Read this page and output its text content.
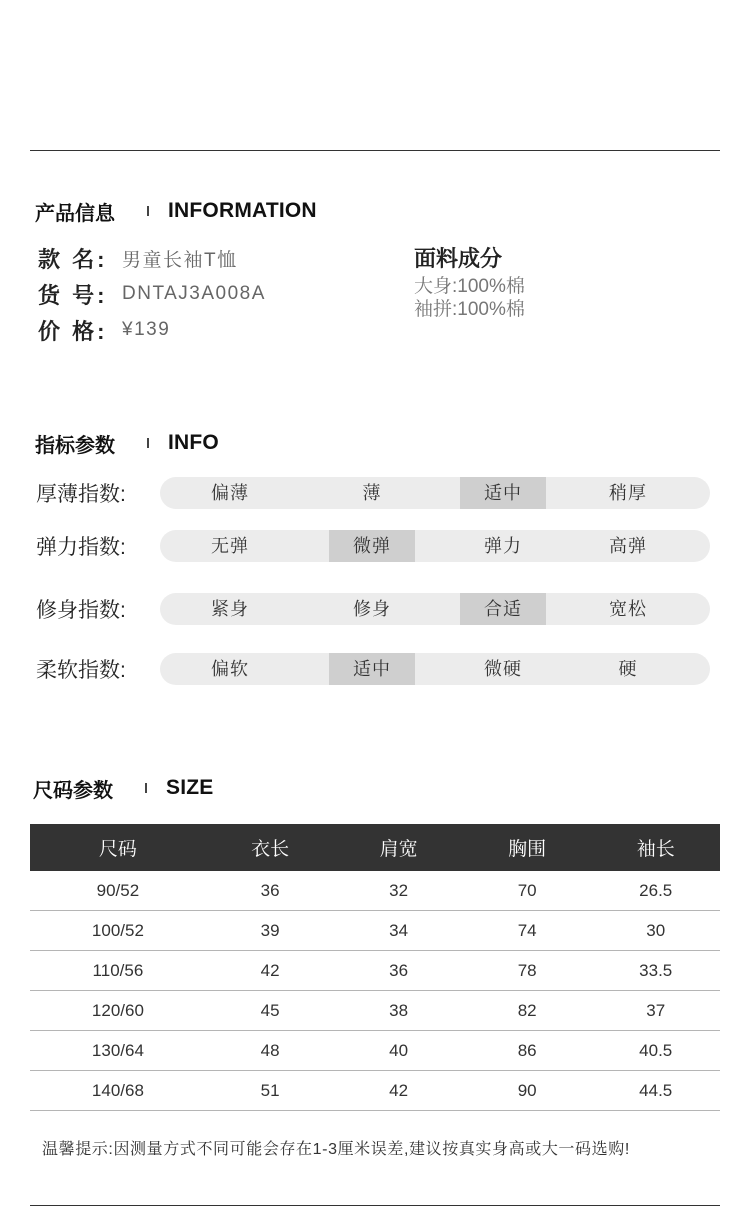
产品信息	INFORMATION
款 名: 男童长袖T恤
货 号: DNTAJ3A008A
价 格: ¥139
面料成分
大身:100%棉
袖拼:100%棉
指标参数	INFO
厚薄指数:	偏薄	薄	适中	稍厚
弹力指数:	无弹	微弹	弹力	高弹
修身指数:	紧身	修身	合适	宽松
柔软指数:	偏软	适中	微硬	硬
尺码参数	SIZE
尺码	衣长	肩宽	胸围	袖长
90/52	36	32	70	26.5
100/52	39	34	74	30
110/56	42	36	78	33.5
120/60	45	38	82	37
130/64	48	40	86	40.5
140/68	51	42	90	44.5
温馨提示:因测量方式不同可能会存在1-3厘米误差,建议按真实身高或大一码选购!
